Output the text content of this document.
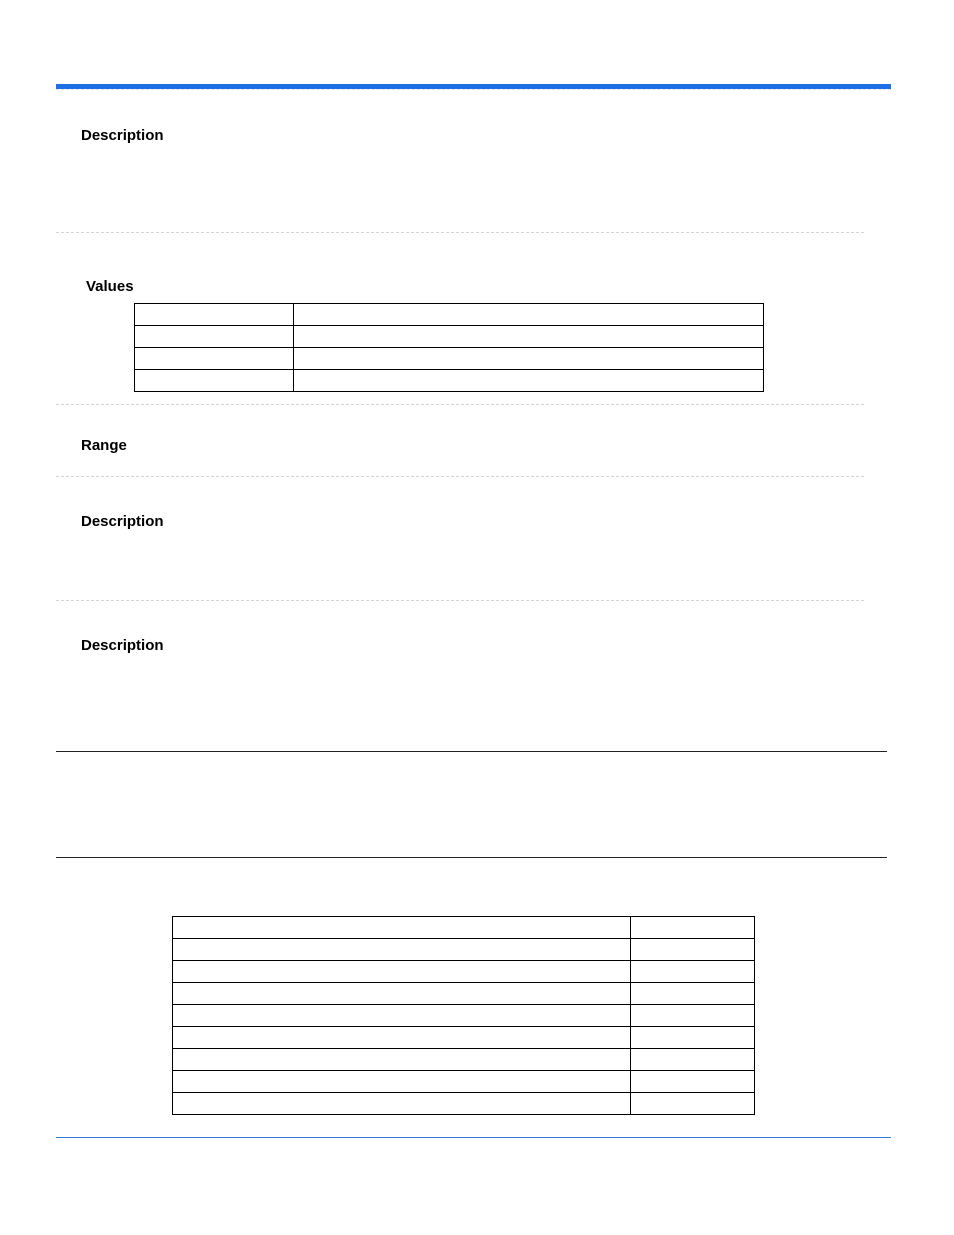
Description
Values

Range
Description
Description
